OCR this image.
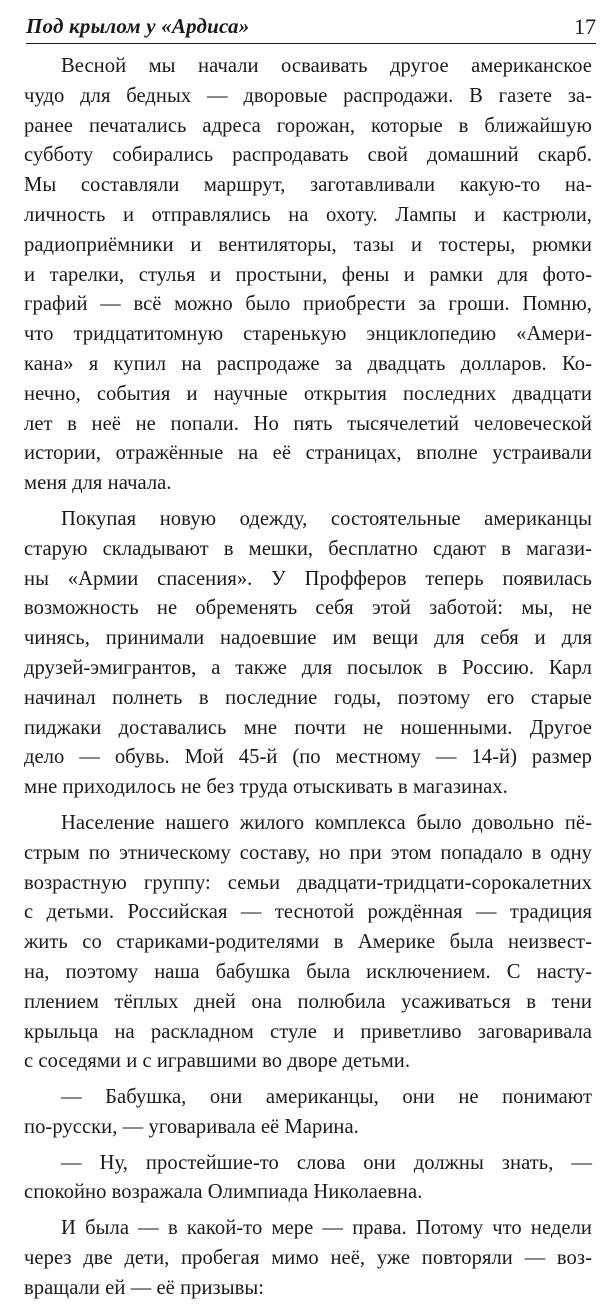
Под крылом у «Ардиса»	17
Весной мы начали осваивать другое американское
чудо для бедных — дворовые распродажи. В газете за-
ранее печатались адреса горожан, которые в ближайшую
субботу собирались распродавать свой домашний скарб.
Мы составляли маршрут, заготавливали какую-то на-
личность и отправлялись на охоту. Лампы и кастрюли,
радиоприёмники и вентиляторы, тазы и тостеры, рюмки
и тарелки, стулья и простыни, фены и рамки для фото-
графий — всё можно было приобрести за гроши. Помню,
что тридцатитомную старенькую энциклопедию «Амери-
кана» я купил на распродаже за двадцать долларов. Ко-
нечно, события и научные открытия последних двадцати
лет в неё не попали. Но пять тысячелетий человеческой
истории, отражённые на её страницах, вполне устраивали
меня для начала.
Покупая новую одежду, состоятельные американцы
старую складывают в мешки, бесплатно сдают в магази-
ны «Армии спасения». У Профферов теперь появилась
возможность не обременять себя этой заботой: мы, не
чинясь, принимали надоевшие им вещи для себя и для
друзей-эмигрантов, а также для посылок в Россию. Карл
начинал полнеть в последние годы, поэтому его старые
пиджаки доставались мне почти не ношенными. Другое
дело — обувь. Мой 45-й (по местному — 14-й) размер
мне приходилось не без труда отыскивать в магазинах.
Население нашего жилого комплекса было довольно пё-
стрым по этническому составу, но при этом попадало в одну
возрастную группу: семьи двадцати-тридцати-сорокалетних
с детьми. Российская — теснотой рождённая — традиция
жить со стариками-родителями в Америке была неизвест-
на, поэтому наша бабушка была исключением. С насту-
плением тёплых дней она полюбила усаживаться в тени
крыльца на раскладном стуле и приветливо заговаривала
с соседями и с игравшими во дворе детьми.
— Бабушка, они американцы, они не понимают
по-русски, — уговаривала её Марина.
— Ну, простейшие-то слова они должны знать, —
спокойно возражала Олимпиада Николаевна.
И была — в какой-то мере — права. Потому что недели
через две дети, пробегая мимо неё, уже повторяли — воз-
вращали ей — её призывы:
